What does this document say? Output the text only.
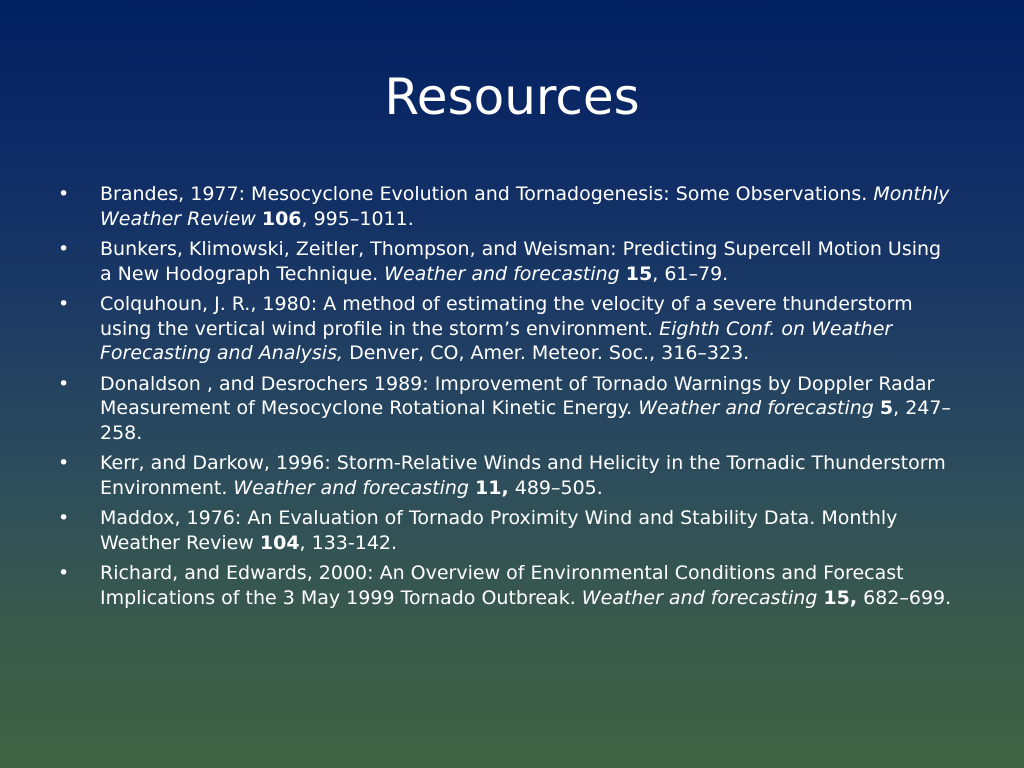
Resources
• Brandes, 1977: Mesocyclone Evolution and Tornadogenesis: Some Observations. Monthly Weather Review 106, 995–1011.
• Bunkers, Klimowski, Zeitler, Thompson, and Weisman: Predicting Supercell Motion Using a New Hodograph Technique. Weather and forecasting 15, 61–79.
• Colquhoun, J. R., 1980: A method of estimating the velocity of a severe thunderstorm using the vertical wind profile in the storm’s environment. Eighth Conf. on Weather Forecasting and Analysis, Denver, CO, Amer. Meteor. Soc., 316–323.
• Donaldson , and Desrochers 1989: Improvement of Tornado Warnings by Doppler Radar Measurement of Mesocyclone Rotational Kinetic Energy. Weather and forecasting 5, 247–258.
• Kerr, and Darkow, 1996: Storm-Relative Winds and Helicity in the Tornadic Thunderstorm Environment. Weather and forecasting 11, 489–505.
• Maddox, 1976: An Evaluation of Tornado Proximity Wind and Stability Data. Monthly Weather Review 104, 133-142.
• Richard, and Edwards, 2000: An Overview of Environmental Conditions and Forecast Implications of the 3 May 1999 Tornado Outbreak. Weather and forecasting 15, 682–699.
